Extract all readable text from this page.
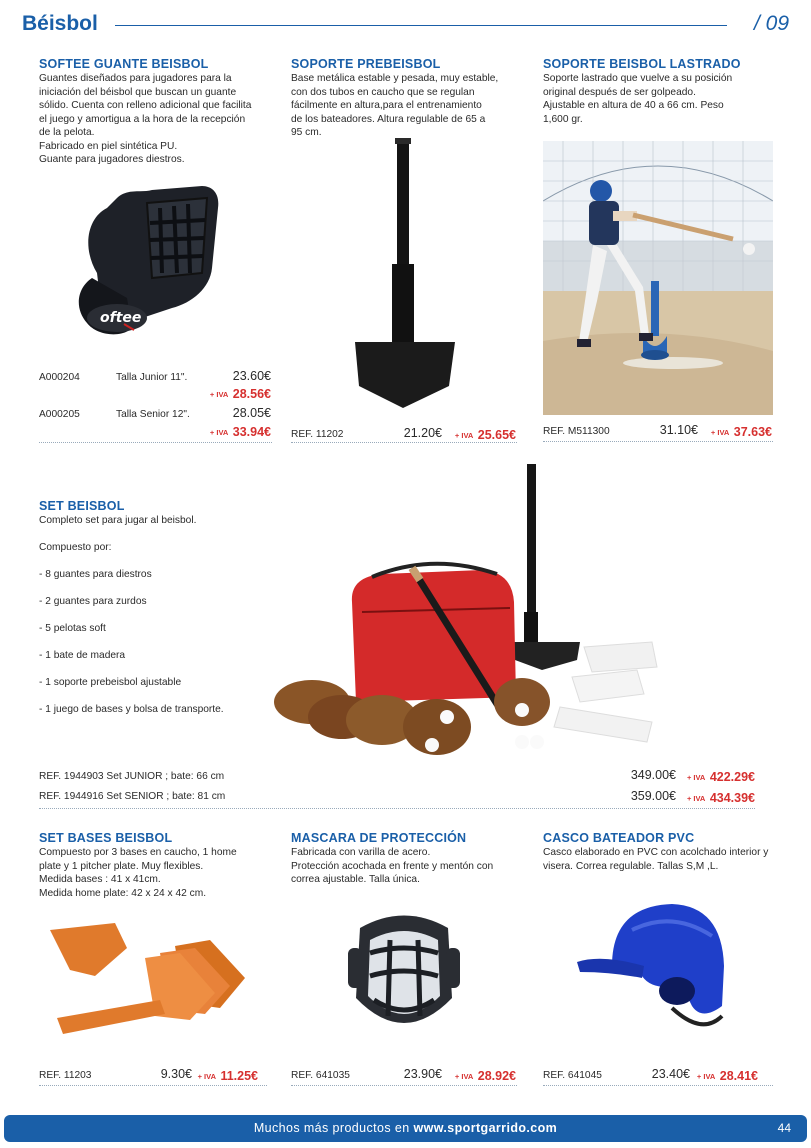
Béisbol	/ 09
SOFTEE GUANTE BEISBOL
Guantes diseñados para jugadores para la
iniciación del béisbol que buscan un guante
sólido. Cuenta con relleno adicional que facilita
el juego y amortigua a la hora de la recepción
de la pelota.
Fabricado en piel sintética PU.
Guante para jugadores diestros.
oftee
A000204	Talla Junior 11".	23.60€
+ IVA 28.56€
A000205	Talla Senior 12".	28.05€
+ IVA 33.94€
SOPORTE PREBEISBOL
Base metálica estable y pesada, muy estable,
con dos tubos en caucho que se regulan
fácilmente en altura,para el entrenamiento
de los bateadores. Altura regulable de 65 a
95 cm.
REF. 11202	21.20€	+ IVA 25.65€
SOPORTE BEISBOL LASTRADO
Soporte lastrado que vuelve a su posición
original después de ser golpeado.
Ajustable en altura de 40 a 66 cm. Peso
1,600 gr.
REF. M511300	31.10€	+ IVA 37.63€
SET BEISBOL
Completo set para jugar al beisbol.
Compuesto por:
- 8 guantes para diestros
- 2 guantes para zurdos
- 5 pelotas soft
- 1 bate de madera
- 1 soporte prebeisbol ajustable
- 1 juego de bases y bolsa de transporte.
REF. 1944903 Set JUNIOR ; bate: 66 cm	349.00€	+ IVA 422.29€
REF. 1944916 Set SENIOR ; bate: 81 cm	359.00€	+ IVA 434.39€
SET BASES BEISBOL
Compuesto por 3 bases en caucho, 1 home
plate y 1 pitcher plate. Muy flexibles.
Medida bases : 41 x 41cm.
Medida home plate: 42 x 24 x 42 cm.
REF. 11203	9.30€ + IVA 11.25€
MASCARA DE PROTECCIÓN
Fabricada con varilla de acero.
Protección acochada en frente y mentón con
correa ajustable. Talla única.
REF. 641035	23.90€	+ IVA 28.92€
CASCO BATEADOR PVC
Casco elaborado en PVC con acolchado interior y
visera. Correa regulable. Tallas S,M ,L.
REF. 641045	23.40€ + IVA 28.41€
Muchos más productos en www.sportgarrido.com	44
